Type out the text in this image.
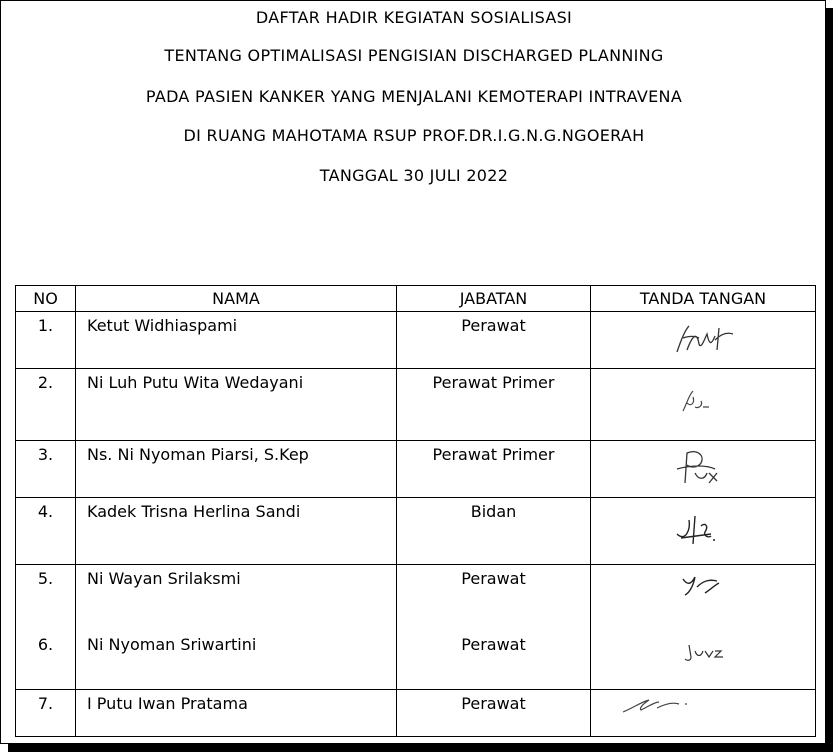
DAFTAR HADIR KEGIATAN SOSIALISASI
TENTANG OPTIMALISASI PENGISIAN DISCHARGED PLANNING
PADA PASIEN KANKER YANG MENJALANI KEMOTERAPI INTRAVENA
DI RUANG MAHOTAMA RSUP PROF.DR.I.G.N.G.NGOERAH
TANGGAL 30 JULI 2022
NO	NAMA	JABATAN	TANDA TANGAN
1.	Ketut Widhiaspami	Perawat	

2.	Ni Luh Putu Wita Wedayani	Perawat Primer	

3.	Ns. Ni Nyoman Piarsi, S.Kep	Perawat Primer	

4.	Kadek Trisna Herlina Sandi	Bidan	

5.	Ni Wayan Srilaksmi	Perawat	

6.	Ni Nyoman Sriwartini	Perawat	

7.	I Putu Iwan Pratama	Perawat	
